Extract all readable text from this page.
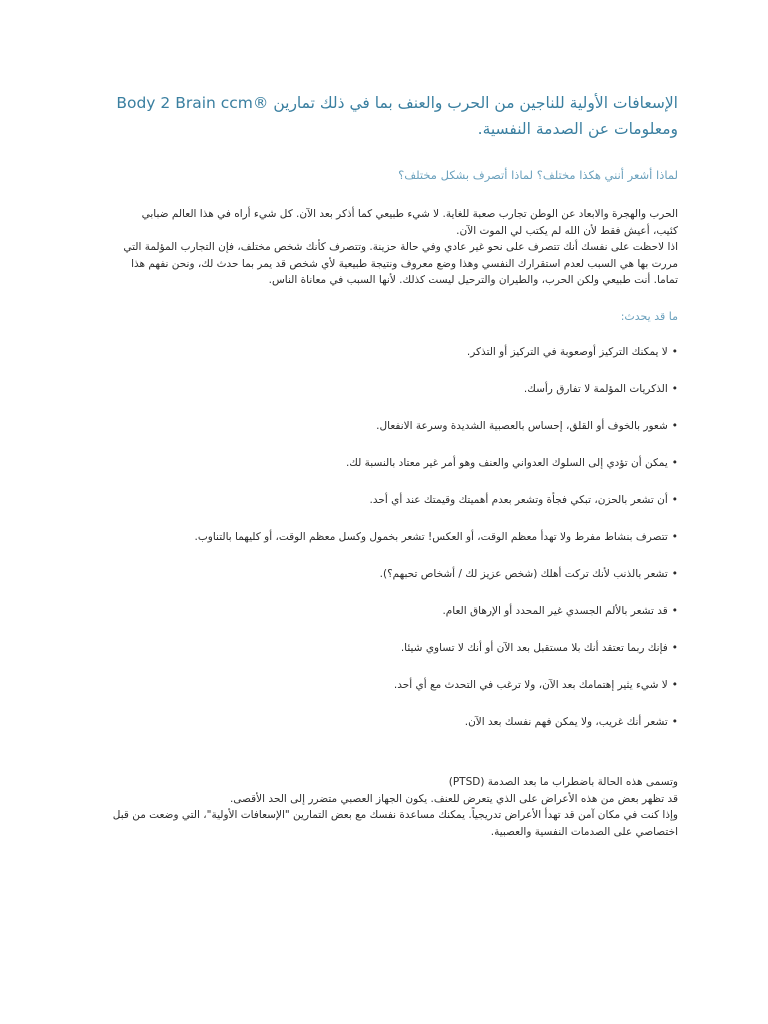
الإسعافات الأولية للناجين من الحرب والعنف بما في ذلك تمارين ®Body 2 Brain ccm ومعلومات عن الصدمة النفسية.
لماذا أشعر أنني هكذا مختلف؟ لماذا أتصرف بشكل مختلف؟

الحرب والهجرة والابعاد عن الوطن تجارب صعبة للغاية. لا شيء طبيعي كما أذكر بعد الآن. كل شيء أراه في هذا العالم ضبابي
كئيب، أعيش فقط لأن الله لم يكتب لي الموت الآن.
اذا لاحظت على نفسك أنك تتصرف على نحو غير عادي وفي حالة حزينة. وتتصرف كأنك شخص مختلف، فإن التجارب المؤلمة التي
مررت بها هي السبب لعدم استقرارك النفسي وهذا وضع معروف ونتيجة طبيعية لأي شخص قد يمر بما حدث لك، ونحن نفهم هذا
تماما. أنت طبيعي ولكن الحرب، والطيران والترحيل ليست كذلك. لأنها السبب في معاناة الناس.

ما قد يحدث:
•
لا يمكنك التركيز أوصعوبة في التركيز أو التذكر.
•
الذكريات المؤلمة لا تفارق رأسك.
•
شعور بالخوف أو القلق، إحساس بالعصبية الشديدة وسرعة الانفعال.
•
يمكن أن تؤدي إلى السلوك العدواني والعنف وهو أمر غير معتاد بالنسبة لك.
•
أن تشعر بالحزن، تبكي فجأة وتشعر بعدم أهميتك وقيمتك عند أي أحد.
•
تتصرف بنشاط مفرط ولا تهدأ معظم الوقت، أو العكس! تشعر بخمول وكسل معظم الوقت، أو كليهما بالتناوب.
•
تشعر بالذنب لأنك تركت أهلك (شخص عزيز لك / أشخاص تحبهم؟).
•
قد تشعر بالألم الجسدي غير المحدد أو الإرهاق العام.
•
فإنك ربما تعتقد أنك بلا مستقبل بعد الآن أو أنك لا تساوي شيئا.
•
لا شيء يثير إهتمامك بعد الآن، ولا ترغب في التحدث مع أي أحد.
•
تشعر أنك غريب، ولا يمكن فهم نفسك بعد الآن.

وتسمى هذه الحالة باضطراب ما بعد الصدمة (PTSD)
قد تظهر بعض من هذه الأعراض على الذي يتعرض للعنف. يكون الجهاز العصبي متضرر إلى الحد الأقصى.
وإذا كنت في مكان آمن قد تهدأ الأعراض تدريجياً. يمكنك مساعدة نفسك مع بعض التمارين "الإسعافات الأولية"، التي وضعت من قبل
اختصاصي على الصدمات النفسية والعصبية.
